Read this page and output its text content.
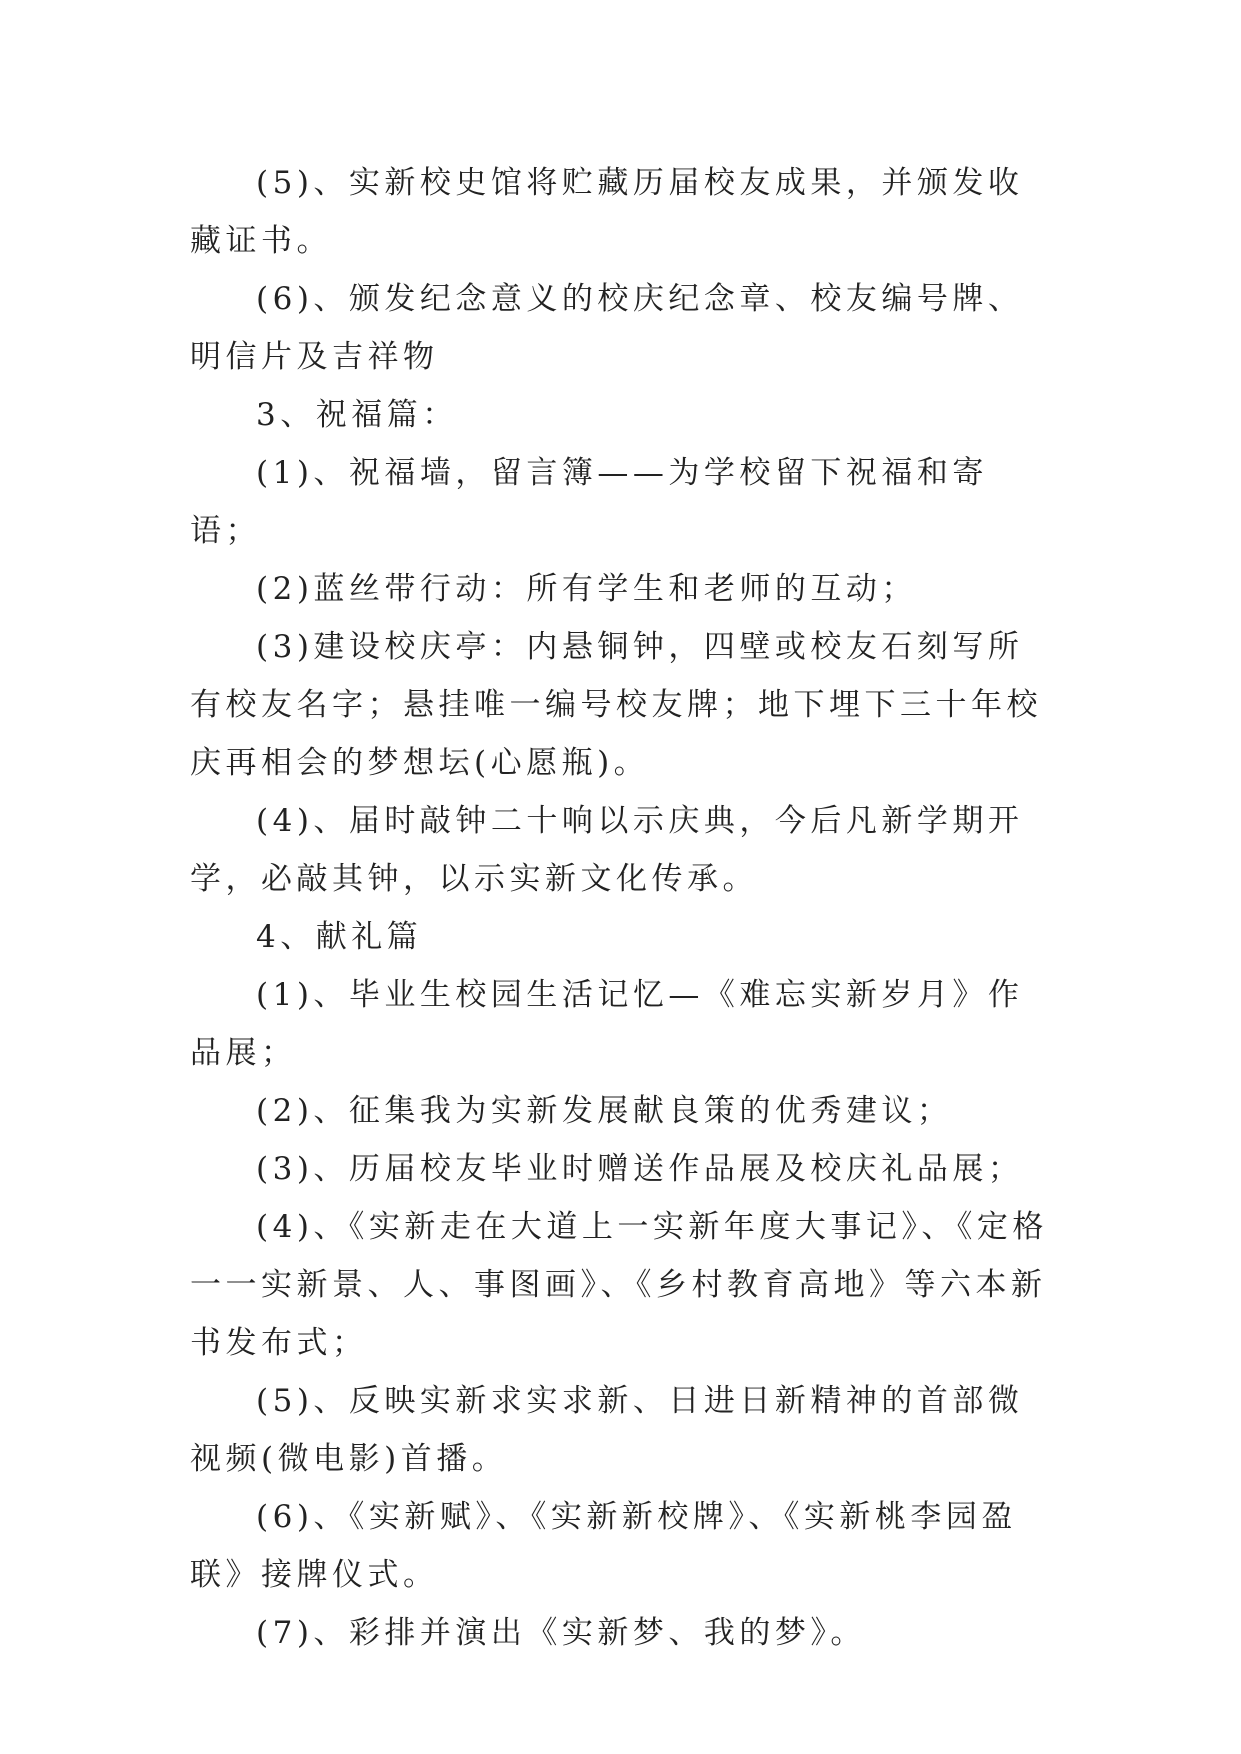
(5)、实新校史馆将贮藏历届校友成果，并颁发收藏证书。

(6)、颁发纪念意义的校庆纪念章、校友编号牌、明信片及吉祥物

3、祝福篇：

(1)、祝福墙，留言簿——为学校留下祝福和寄语；

(2)蓝丝带行动：所有学生和老师的互动；

(3)建设校庆亭：内悬铜钟，四壁或校友石刻写所有校友名字；悬挂唯一编号校友牌；地下埋下三十年校庆再相会的梦想坛(心愿瓶)。

(4)、届时敲钟二十响以示庆典，今后凡新学期开学，必敲其钟，以示实新文化传承。

4、献礼篇

(1)、毕业生校园生活记忆—《难忘实新岁月》作品展；

(2)、征集我为实新发展献良策的优秀建议；

(3)、历届校友毕业时赠送作品展及校庆礼品展；

(4)、《实新走在大道上一实新年度大事记》、《定格一一实新景、人、事图画》、《乡村教育高地》等六本新书发布式；

(5)、反映实新求实求新、日进日新精神的首部微视频(微电影)首播。

(6)、《实新赋》、《实新新校牌》、《实新桃李园盈联》接牌仪式。

(7)、彩排并演出《实新梦、我的梦》。
